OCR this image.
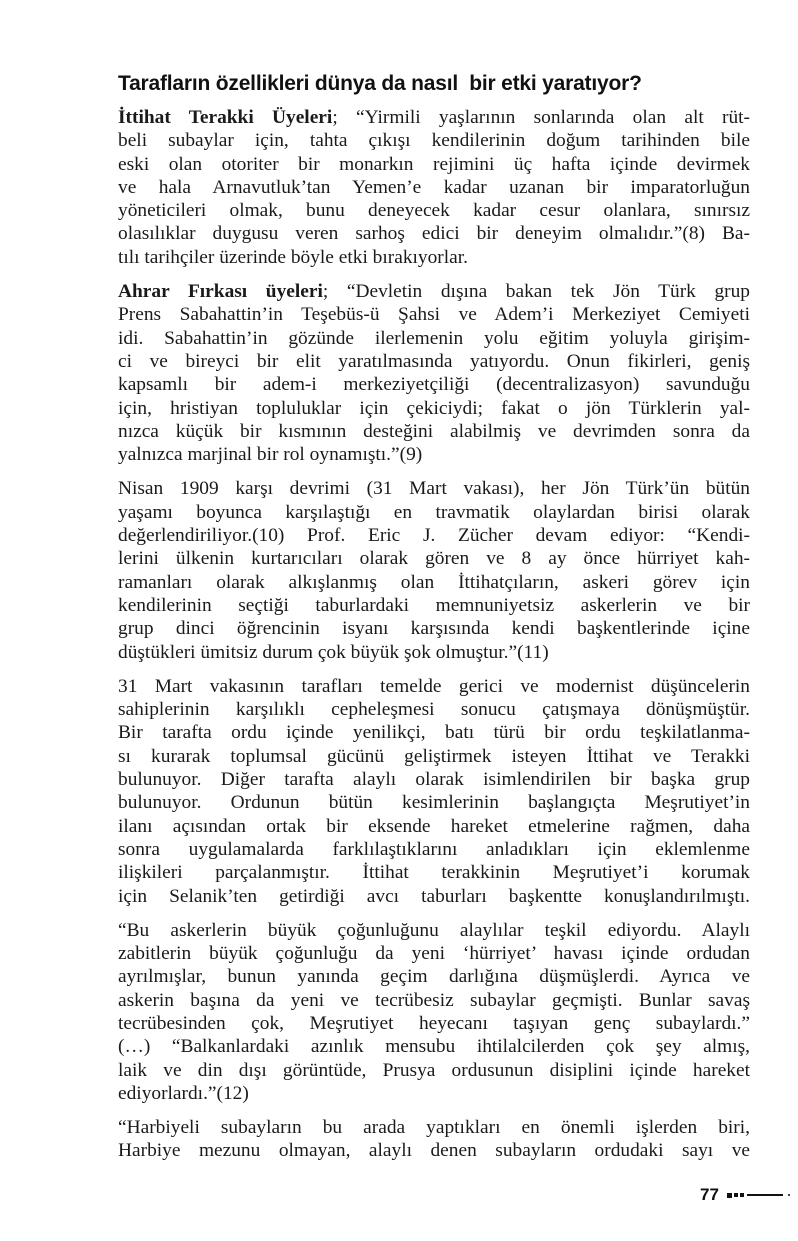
Tarafların özellikleri dünya da nasıl  bir etki yaratıyor?
İttihat Terakki Üyeleri; “Yirmili yaşlarının sonlarında olan alt rüt-
beli subaylar için, tahta çıkışı kendilerinin doğum tarihinden bile
eski olan otoriter bir monarkın rejimini üç hafta içinde devirmek
ve hala Arnavutluk’tan Yemen’e kadar uzanan bir imparatorluğun
yöneticileri olmak, bunu deneyecek kadar cesur olanlara, sınırsız
olasılıklar duygusu veren sarhoş edici bir deneyim olmalıdır.”(8) Ba-
tılı tarihçiler üzerinde böyle etki bırakıyorlar.
Ahrar Fırkası üyeleri; “Devletin dışına bakan tek Jön Türk grup
Prens Sabahattin’in Teşebüs-ü Şahsi ve Adem’i Merkeziyet Cemiyeti
idi. Sabahattin’in gözünde ilerlemenin yolu eğitim yoluyla girişim-
ci ve bireyci bir elit yaratılmasında yatıyordu. Onun fikirleri, geniş
kapsamlı bir adem-i merkeziyetçiliği (decentralizasyon) savunduğu
için, hristiyan topluluklar için çekiciydi; fakat o jön Türklerin yal-
nızca küçük bir kısmının desteğini alabilmiş ve devrimden sonra da
yalnızca marjinal bir rol oynamıştı.”(9)
Nisan 1909 karşı devrimi (31 Mart vakası), her Jön Türk’ün bütün
yaşamı boyunca karşılaştığı en travmatik olaylardan birisi olarak
değerlendiriliyor.(10) Prof. Eric J. Zücher devam ediyor: “Kendi-
lerini ülkenin kurtarıcıları olarak gören ve 8 ay önce hürriyet kah-
ramanları olarak alkışlanmış olan İttihatçıların, askeri görev için
kendilerinin seçtiği taburlardaki memnuniyetsiz askerlerin ve bir
grup dinci öğrencinin isyanı karşısında kendi başkentlerinde içine
düştükleri ümitsiz durum çok büyük şok olmuştur.”(11)
31 Mart vakasının tarafları temelde gerici ve modernist düşüncelerin
sahiplerinin karşılıklı cepheleşmesi sonucu çatışmaya dönüşmüştür.
Bir tarafta ordu içinde yenilikçi, batı türü bir ordu teşkilatlanma-
sı kurarak toplumsal gücünü geliştirmek isteyen İttihat ve Terakki
bulunuyor. Diğer tarafta alaylı olarak isimlendirilen bir başka grup
bulunuyor. Ordunun bütün kesimlerinin başlangıçta Meşrutiyet’in
ilanı açısından ortak bir eksende hareket etmelerine rağmen, daha
sonra uygulamalarda farklılaştıklarını anladıkları için eklemlenme
ilişkileri parçalanmıştır. İttihat terakkinin Meşrutiyet’i korumak
için Selanik’ten getirdiği avcı taburları başkentte konuşlandırılmıştı.
“Bu askerlerin büyük çoğunluğunu alaylılar teşkil ediyordu. Alaylı
zabitlerin büyük çoğunluğu da yeni ‘hürriyet’ havası içinde ordudan
ayrılmışlar, bunun yanında geçim darlığına düşmüşlerdi. Ayrıca ve
askerin başına da yeni ve tecrübesiz subaylar geçmişti. Bunlar savaş
tecrübesinden çok, Meşrutiyet heyecanı taşıyan genç subaylardı.”
(…) “Balkanlardaki azınlık mensubu ihtilalcilerden çok şey almış,
laik ve din dışı görüntüde, Prusya ordusunun disiplini içinde hareket
ediyorlardı.”(12)
“Harbiyeli subayların bu arada yaptıkları en önemli işlerden biri,
Harbiye mezunu olmayan, alaylı denen subayların ordudaki sayı ve
77
